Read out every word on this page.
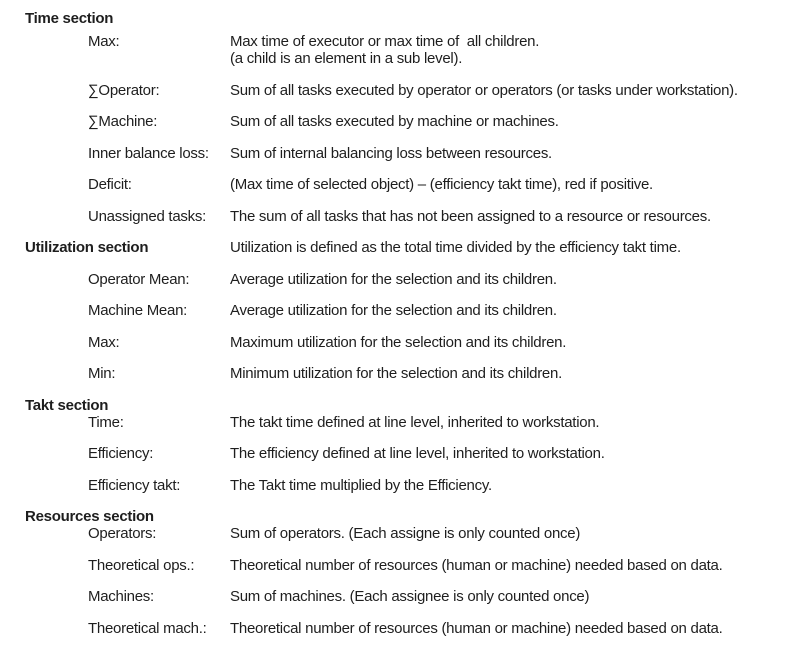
Time section
Max:	Max time of executor or max time of  all children.

(a child is an element in a sub level).

∑Operator:	Sum of all tasks executed by operator or operators (or tasks under workstation).

∑Machine:	Sum of all tasks executed by machine or machines.

Inner balance loss:	Sum of internal balancing loss between resources.

Deficit:	(Max time of selected object) – (efficiency takt time), red if positive.

Unassigned tasks:	The sum of all tasks that has not been assigned to a resource or resources.

Utilization section	Utilization is defined as the total time divided by the efficiency takt time.

Operator Mean:	Average utilization for the selection and its children.

Machine Mean:	Average utilization for the selection and its children.

Max:	Maximum utilization for the selection and its children.

Min:	Minimum utilization for the selection and its children.

Takt section
Time:	The takt time defined at line level, inherited to workstation.

Efficiency:	The efficiency defined at line level, inherited to workstation.

Efficiency takt:	The Takt time multiplied by the Efficiency.

Resources section
Operators:	Sum of operators. (Each assigne is only counted once)

Theoretical ops.:	Theoretical number of resources (human or machine) needed based on data.

Machines:	Sum of machines. (Each assignee is only counted once)

Theoretical mach.:	Theoretical number of resources (human or machine) needed based on data.
